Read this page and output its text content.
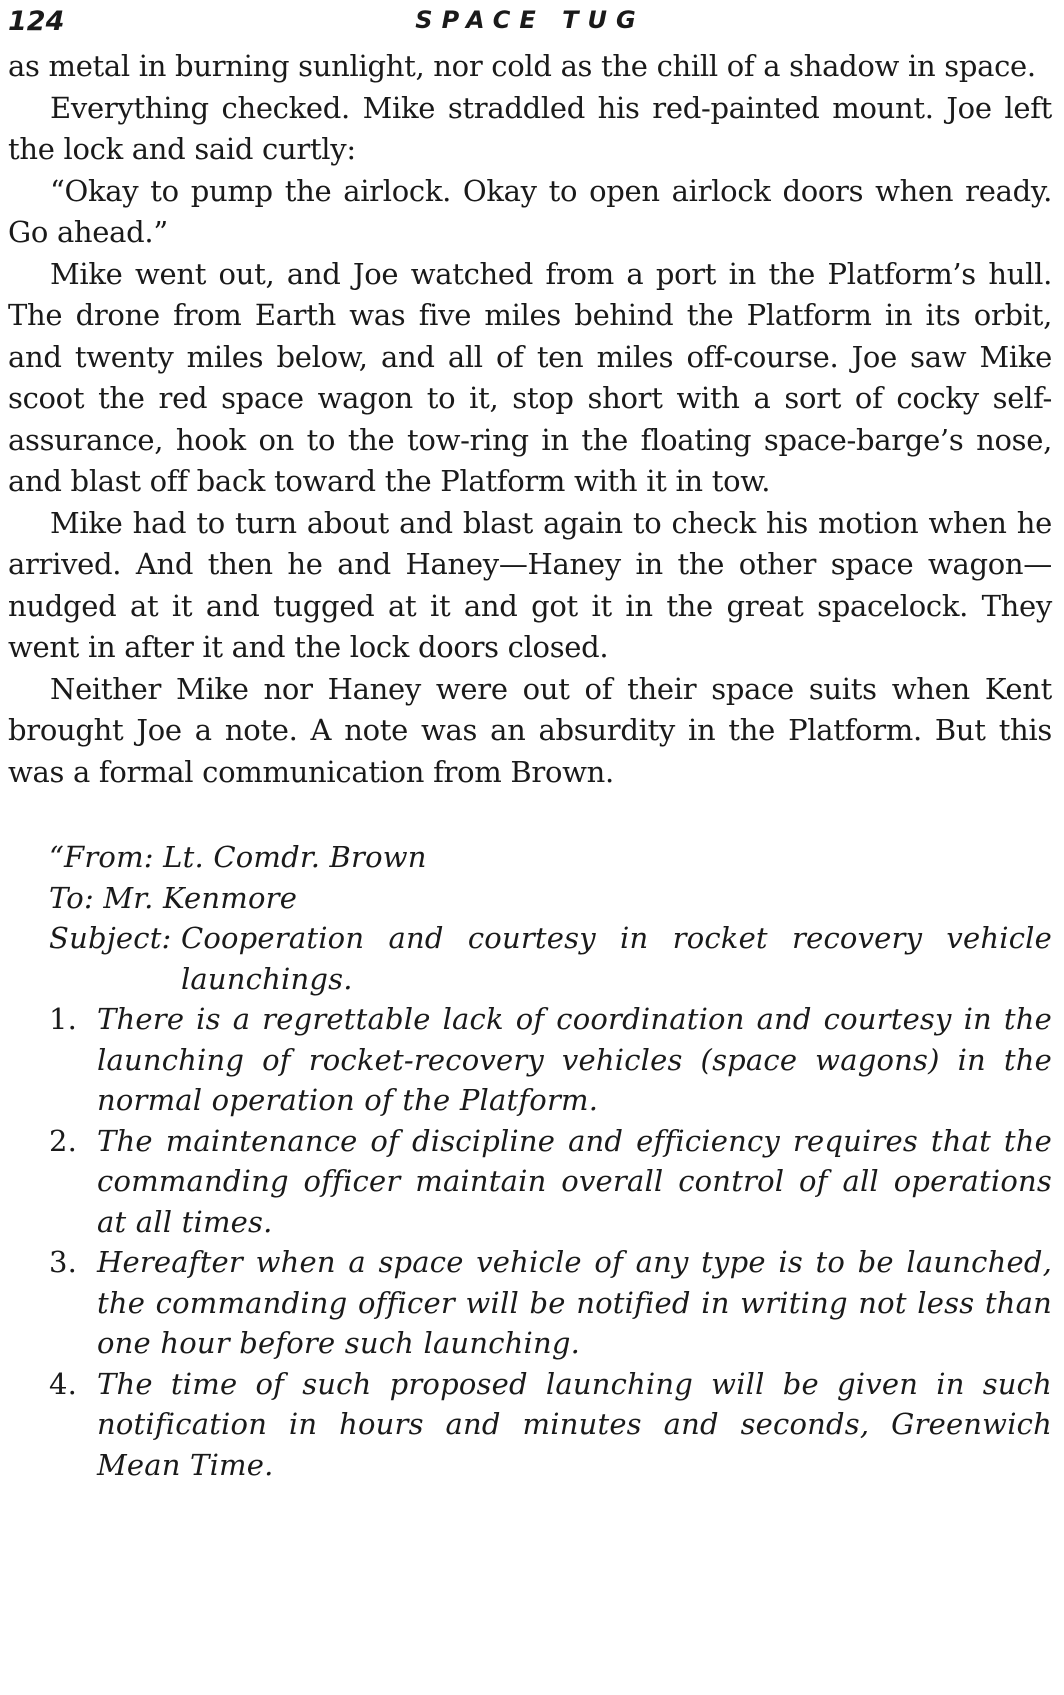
124	SPACE TUG

as metal in burning sunlight, nor cold as the chill of a shadow in space.

Everything checked. Mike straddled his red-painted mount. Joe left the lock and said curtly:

“Okay to pump the airlock. Okay to open airlock doors when ready. Go ahead.”

Mike went out, and Joe watched from a port in the Platform’s hull. The drone from Earth was five miles behind the Platform in its orbit, and twenty miles below, and all of ten miles off-course. Joe saw Mike scoot the red space wagon to it, stop short with a sort of cocky self-assurance, hook on to the tow-ring in the floating space-barge’s nose, and blast off back toward the Platform with it in tow.

Mike had to turn about and blast again to check his motion when he arrived. And then he and Haney—Haney in the other space wagon—nudged at it and tugged at it and got it in the great spacelock. They went in after it and the lock doors closed.

Neither Mike nor Haney were out of their space suits when Kent brought Joe a note. A note was an absurdity in the Platform. But this was a formal communication from Brown.

“From:
Lt. Comdr. Brown
To:
Mr. Kenmore
Subject:
Cooperation and courtesy in rocket recovery vehicle launchings.
1. There is a regrettable lack of coordination and courtesy in the launching of rocket-recovery vehicles (space wagons) in the normal operation of the Platform.
2. The maintenance of discipline and efficiency requires that the commanding officer maintain overall control of all operations at all times.
3. Hereafter when a space vehicle of any type is to be launched, the commanding officer will be notified in writing not less than one hour before such launching.
4. The time of such proposed launching will be given in such notification in hours and minutes and seconds, Greenwich Mean Time.
